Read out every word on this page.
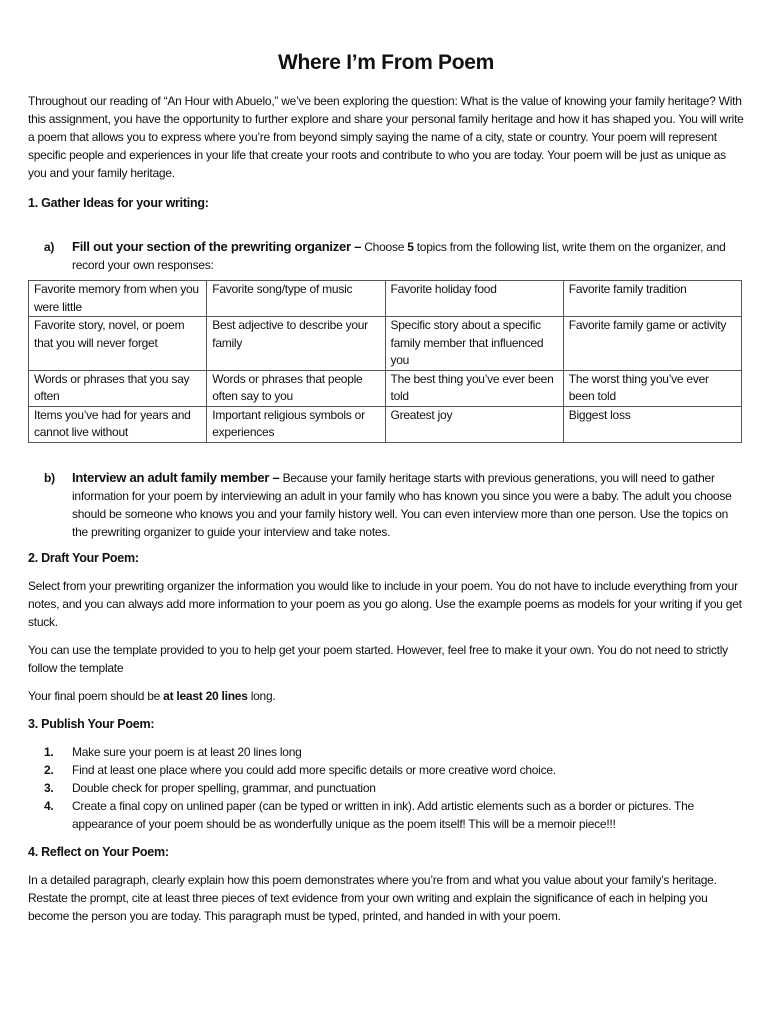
Where I’m From Poem

Throughout our reading of “An Hour with Abuelo,” we’ve been exploring the question: What is the value of knowing your family heritage? With this assignment, you have the opportunity to further explore and share your personal family heritage and how it has shaped you. You will write a poem that allows you to express where you’re from beyond simply saying the name of a city, state or country. Your poem will represent specific people and experiences in your life that create your roots and contribute to who you are today. Your poem will be just as unique as you and your family heritage.

1. Gather Ideas for your writing:
a)	Fill out your section of the prewriting organizer – Choose 5 topics from the following list, write them on the organizer, and record your own responses:
Favorite memory from when you were little	Favorite song/type of music	Favorite holiday food	Favorite family tradition
Favorite story, novel, or poem that you will never forget	Best adjective to describe your family	Specific story about a specific family member that influenced you	Favorite family game or activity
Words or phrases that you say often	Words or phrases that people often say to you	The best thing you’ve ever been told	The worst thing you’ve ever been told
Items you’ve had for years and cannot live without	Important religious symbols or experiences	Greatest joy	Biggest loss
b)	Interview an adult family member – Because your family heritage starts with previous generations, you will need to gather information for your poem by interviewing an adult in your family who has known you since you were a baby. The adult you choose should be someone who knows you and your family history well. You can even interview more than one person. Use the topics on the prewriting organizer to guide your interview and take notes.
2. Draft Your Poem:

Select from your prewriting organizer the information you would like to include in your poem. You do not have to include everything from your notes, and you can always add more information to your poem as you go along. Use the example poems as models for your writing if you get stuck.

You can use the template provided to you to help get your poem started. However, feel free to make it your own. You do not need to strictly follow the template

Your final poem should be at least 20 lines long.

3. Publish Your Poem:
1.	Make sure your poem is at least 20 lines long
2.	Find at least one place where you could add more specific details or more creative word choice.
3.	Double check for proper spelling, grammar, and punctuation
4.	Create a final copy on unlined paper (can be typed or written in ink). Add artistic elements such as a border or pictures. The appearance of your poem should be as wonderfully unique as the poem itself! This will be a memoir piece!!!
4. Reflect on Your Poem:

In a detailed paragraph, clearly explain how this poem demonstrates where you’re from and what you value about your family’s heritage. Restate the prompt, cite at least three pieces of text evidence from your own writing and explain the significance of each in helping you become the person you are today. This paragraph must be typed, printed, and handed in with your poem.
